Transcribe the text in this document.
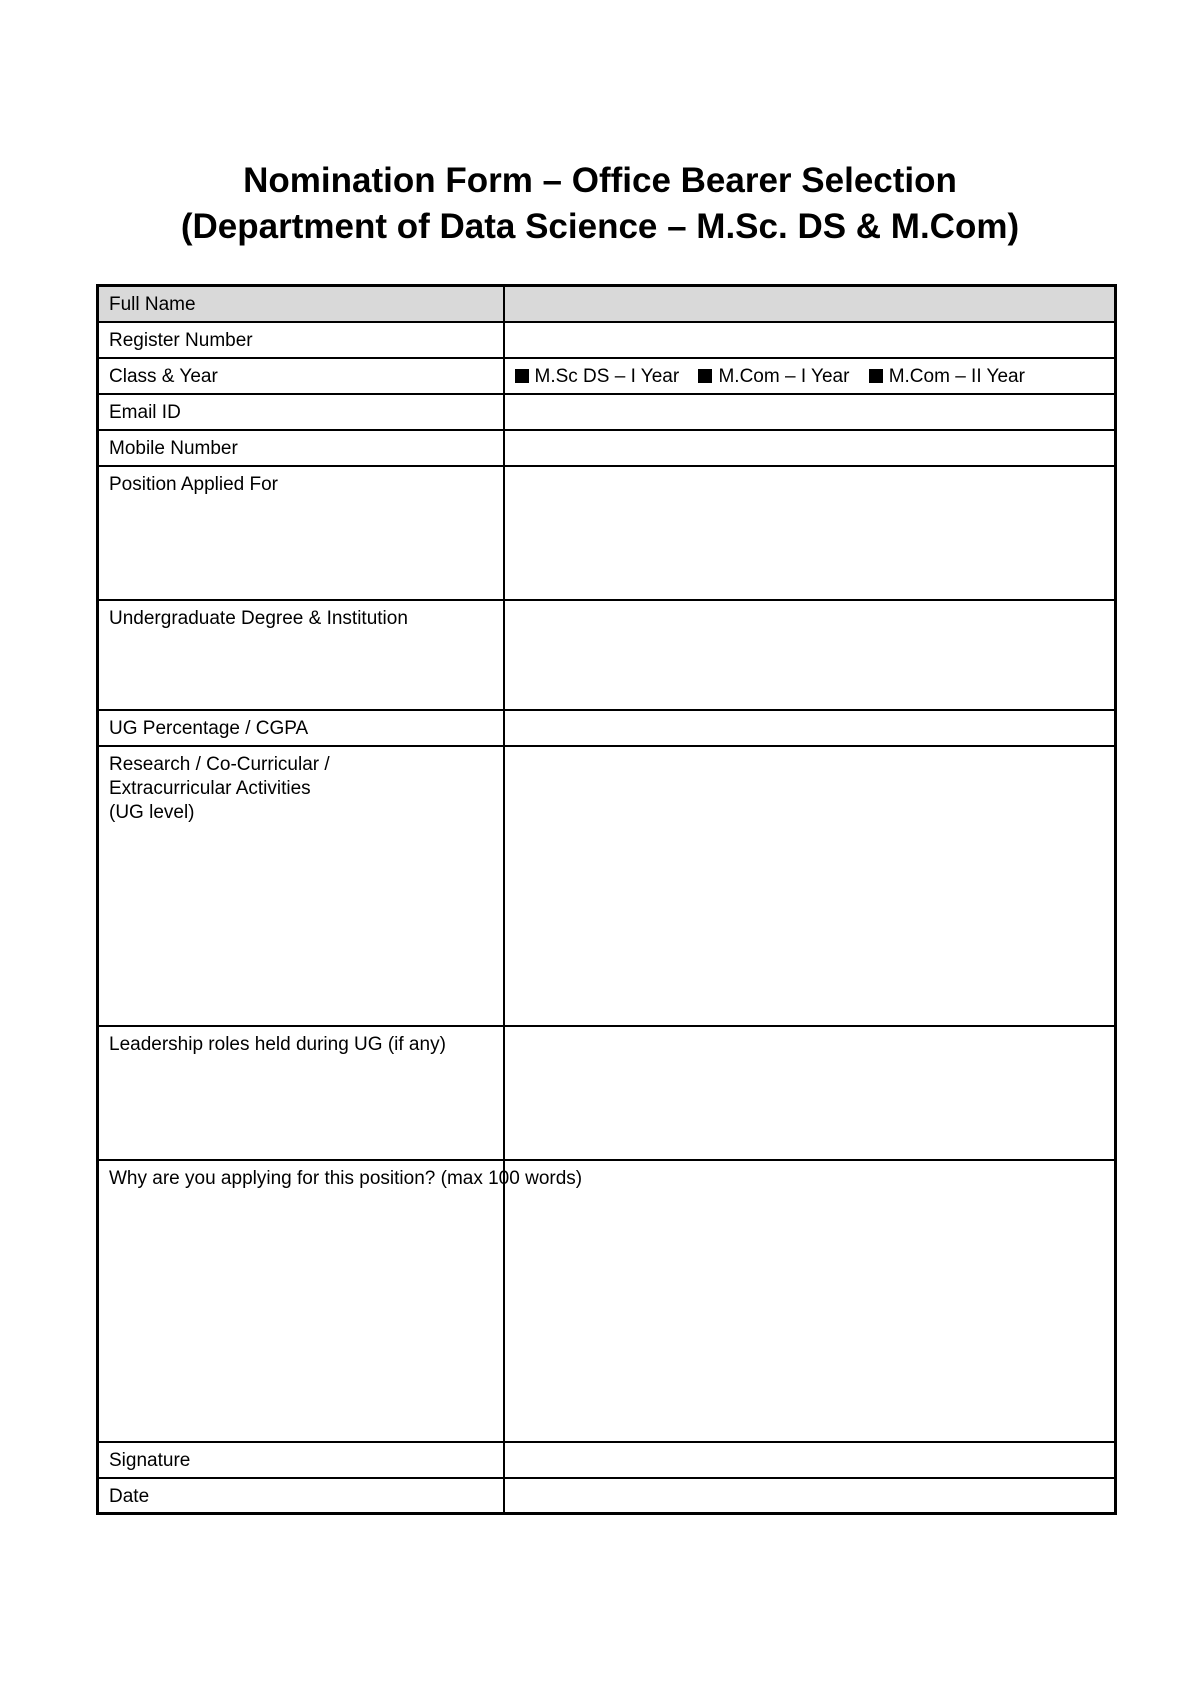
Nomination Form – Office Bearer Selection
(Department of Data Science – M.Sc. DS & M.Com)
Full Name	
Register Number	
Class & Year	M.Sc DS – I Year M.Com – I Year M.Com – II Year

Email ID	
Mobile Number	
Position Applied For	
Undergraduate Degree & Institution	
UG Percentage / CGPA	
Research / Co-Curricular /
Extracurricular Activities
(UG level)	
Leadership roles held during UG (if any)	
Why are you applying for this position? (max 100 words)	
Signature	
Date	
